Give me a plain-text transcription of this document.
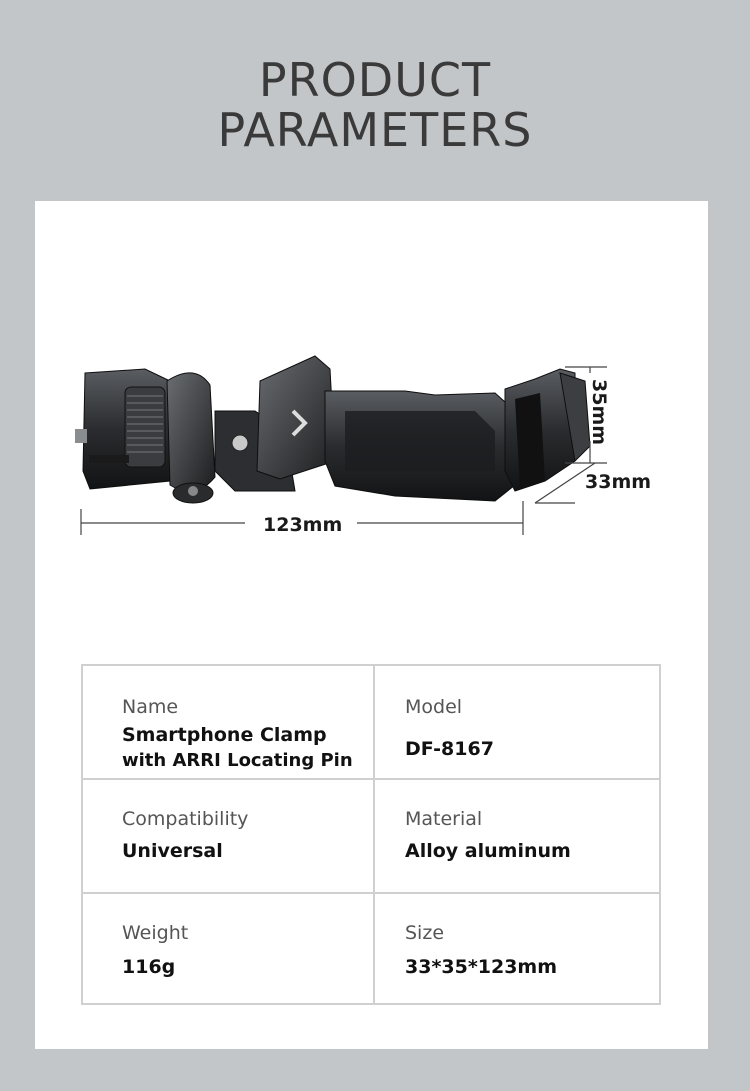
PRODUCT
PARAMETERS
123mm
35mm
33mm
Name
Smartphone Clamp
with ARRI Locating Pin
Model
DF-8167
Compatibility
Universal
Material
Alloy aluminum
Weight
116g
Size
33*35*123mm
